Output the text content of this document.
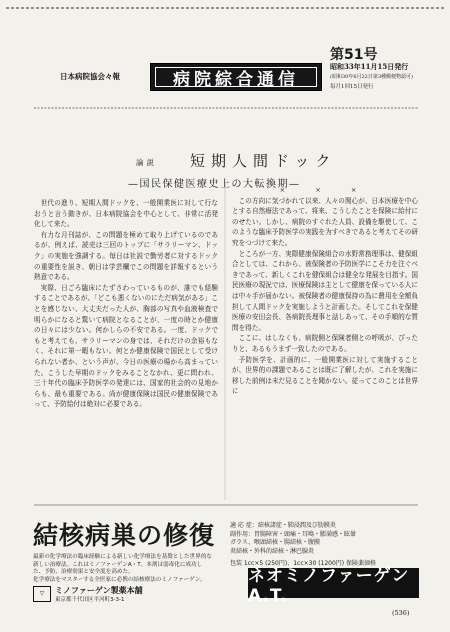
日本病院協会々報	病院綜合通信
第51号
昭和33年11月15日発行
(昭和30年6月22日第3種郵便物認可)
毎月1回15日発行
論説 短期人間ドック
—国民保健医療史上の大転換期—

世代の進り、短期人間ドックを、一般開業医に対して行なおうと言う動きが、日本病院協会を中心として、非常に活発化して来た。

有力な月刊誌が、この問題を極めて取り上げているのであるが、例えば、読売は三回のトップに「サラリーマン、ドック」の実施を強調する。毎日は社説で勤労者に対するドックの重要性を説き、朝日は学芸欄でこの問題を詳報するという熱意である。

実際、日ごろ臨床にたずさわっているものが、誰でも経験することであるが、「どこも悪くないのにただ病気がある」ことを感じない、大丈夫だった人が、胸部の写真や血液検査で明らかになると驚いて病院となることが、一度の時とか健康の日々には少ない。何かしらの不安である。一度、ドックでもと考えても、サラリーマンの身では、それだけの余裕もなく、それに第一暇もない。何とか健康保険で国民として受けられない者か、という声が、今日の医療の場から高まっていた。こうした早期のドックをみることなかれ、更に問われ、三十年代の臨床予防医学の発達には、国家的社会的の見地からも、最も重要である。尚が健康保険は国民の健康保険であって、予防給付は絶対に必要である。

× × ×

この方向に気づかれて以来、人々の関心が、日本医療を中心とする自然療法であって、将来、こうしたことを保険に給付にのせたい。しかし、病院のすぐれた人員、設備を駆使して、このような臨床予防医学の実践を为すべきであると考えてその研究をつづけて来た。

ところが一方、実際健康保険組合の水野常務理事は、健保組合としては、これから、被保険者の予防医学にこそ力を注ぐべきであって、新しくこれを健保組合は健全な発展を目指す。国民医療の現況では、医療保険は主として健康を保っている人には中々手が届かない。被保険者の健康保持の為に費用を全額負担して人間ドックを実施しようと計画した。そしてこれを保健医療の安田会長、各病院長理事と話しあって、その手順的な質問を得た。

ここに、はしなくも、病院側と保険者側との呼吸が、ぴったりと、あるもうまず一致したのである。

予防医学を、計画的に、一般開業医に対して実施することが、世界的の課題であることは既に了解したが、これを実施に移した前例は未だ見ることを聞かない。従ってこのことは世界に

結核病巣の修復 適 応 症：結核諸症・肺浸潤及び肋膜炎
副作用：胃腸障害・頭痛・耳鳴・膨満感・眩暈
ガラス、喉頭結核・腸結核・腹膜
炎結核・外科的結核・淋巴腺炎
包装 1cc×5 (250円)、1cc×30 (1200円) 保険薬価格
最新の化学療法の臨床経験による新しい化学療法を基盤とした世界的な新しい治療法。これはミノファーゲンA・T、本剤は弱毒化に成功した、予防、治療効果と安全度を高めた。
化学療法をマスターする全医家に必携の結核療法のミノファーゲン。
▽	ミノファーゲン製薬本舗
東京都千代田区平河町3-3-1
ネオミノファーゲンA.T.
(536)
